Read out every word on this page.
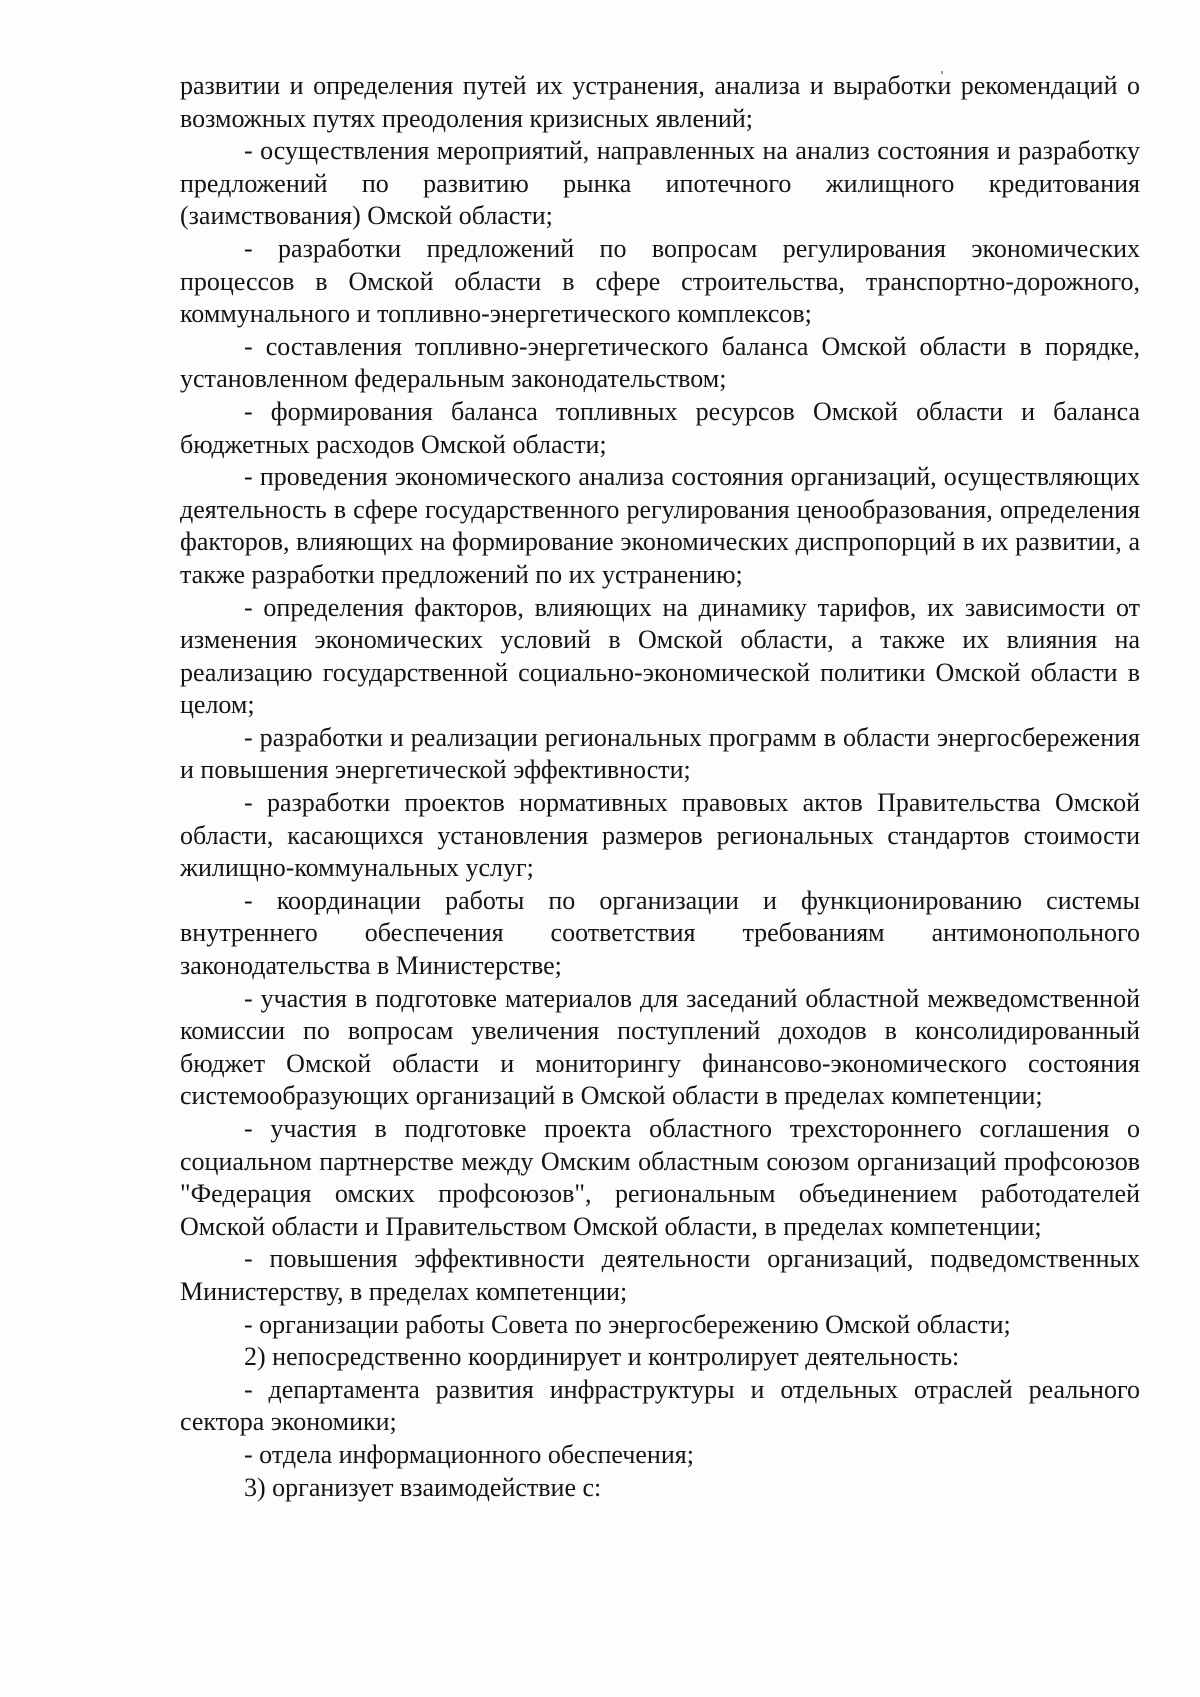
развитии и определения путей их устранения, анализа и выработки рекомендаций о возможных путях преодоления кризисных явлений;

- осуществления мероприятий, направленных на анализ состояния и разработку предложений по развитию рынка ипотечного жилищного кредитования (заимствования) Омской области;

- разработки предложений по вопросам регулирования экономических процессов в Омской области в сфере строительства, транспортно-дорожного, коммунального и топливно-энергетического комплексов;

- составления топливно-энергетического баланса Омской области в порядке, установленном федеральным законодательством;

- формирования баланса топливных ресурсов Омской области и баланса бюджетных расходов Омской области;

- проведения экономического анализа состояния организаций, осуществляющих деятельность в сфере государственного регулирования ценообразования, определения факторов, влияющих на формирование экономических диспропорций в их развитии, а также разработки предложений по их устранению;

- определения факторов, влияющих на динамику тарифов, их зависимости от изменения экономических условий в Омской области, а также их влияния на реализацию государственной социально-экономической политики Омской области в целом;

- разработки и реализации региональных программ в области энергосбережения и повышения энергетической эффективности;

- разработки проектов нормативных правовых актов Правительства Омской области, касающихся установления размеров региональных стандартов стоимости жилищно-коммунальных услуг;

- координации работы по организации и функционированию системы внутреннего обеспечения соответствия требованиям антимонопольного законодательства в Министерстве;

- участия в подготовке материалов для заседаний областной межведомственной комиссии по вопросам увеличения поступлений доходов в консолидированный бюджет Омской области и мониторингу финансово-экономического состояния системообразующих организаций в Омской области в пределах компетенции;

- участия в подготовке проекта областного трехстороннего соглашения о социальном партнерстве между Омским областным союзом организаций профсоюзов "Федерация омских профсоюзов", региональным объединением работодателей Омской области и Правительством Омской области, в пределах компетенции;

- повышения эффективности деятельности организаций, подведомственных Министерству, в пределах компетенции;

- организации работы Совета по энергосбережению Омской области;

2) непосредственно координирует и контролирует деятельность:

- департамента развития инфраструктуры и отдельных отраслей реального сектора экономики;

- отдела информационного обеспечения;

3) организует взаимодействие с:
